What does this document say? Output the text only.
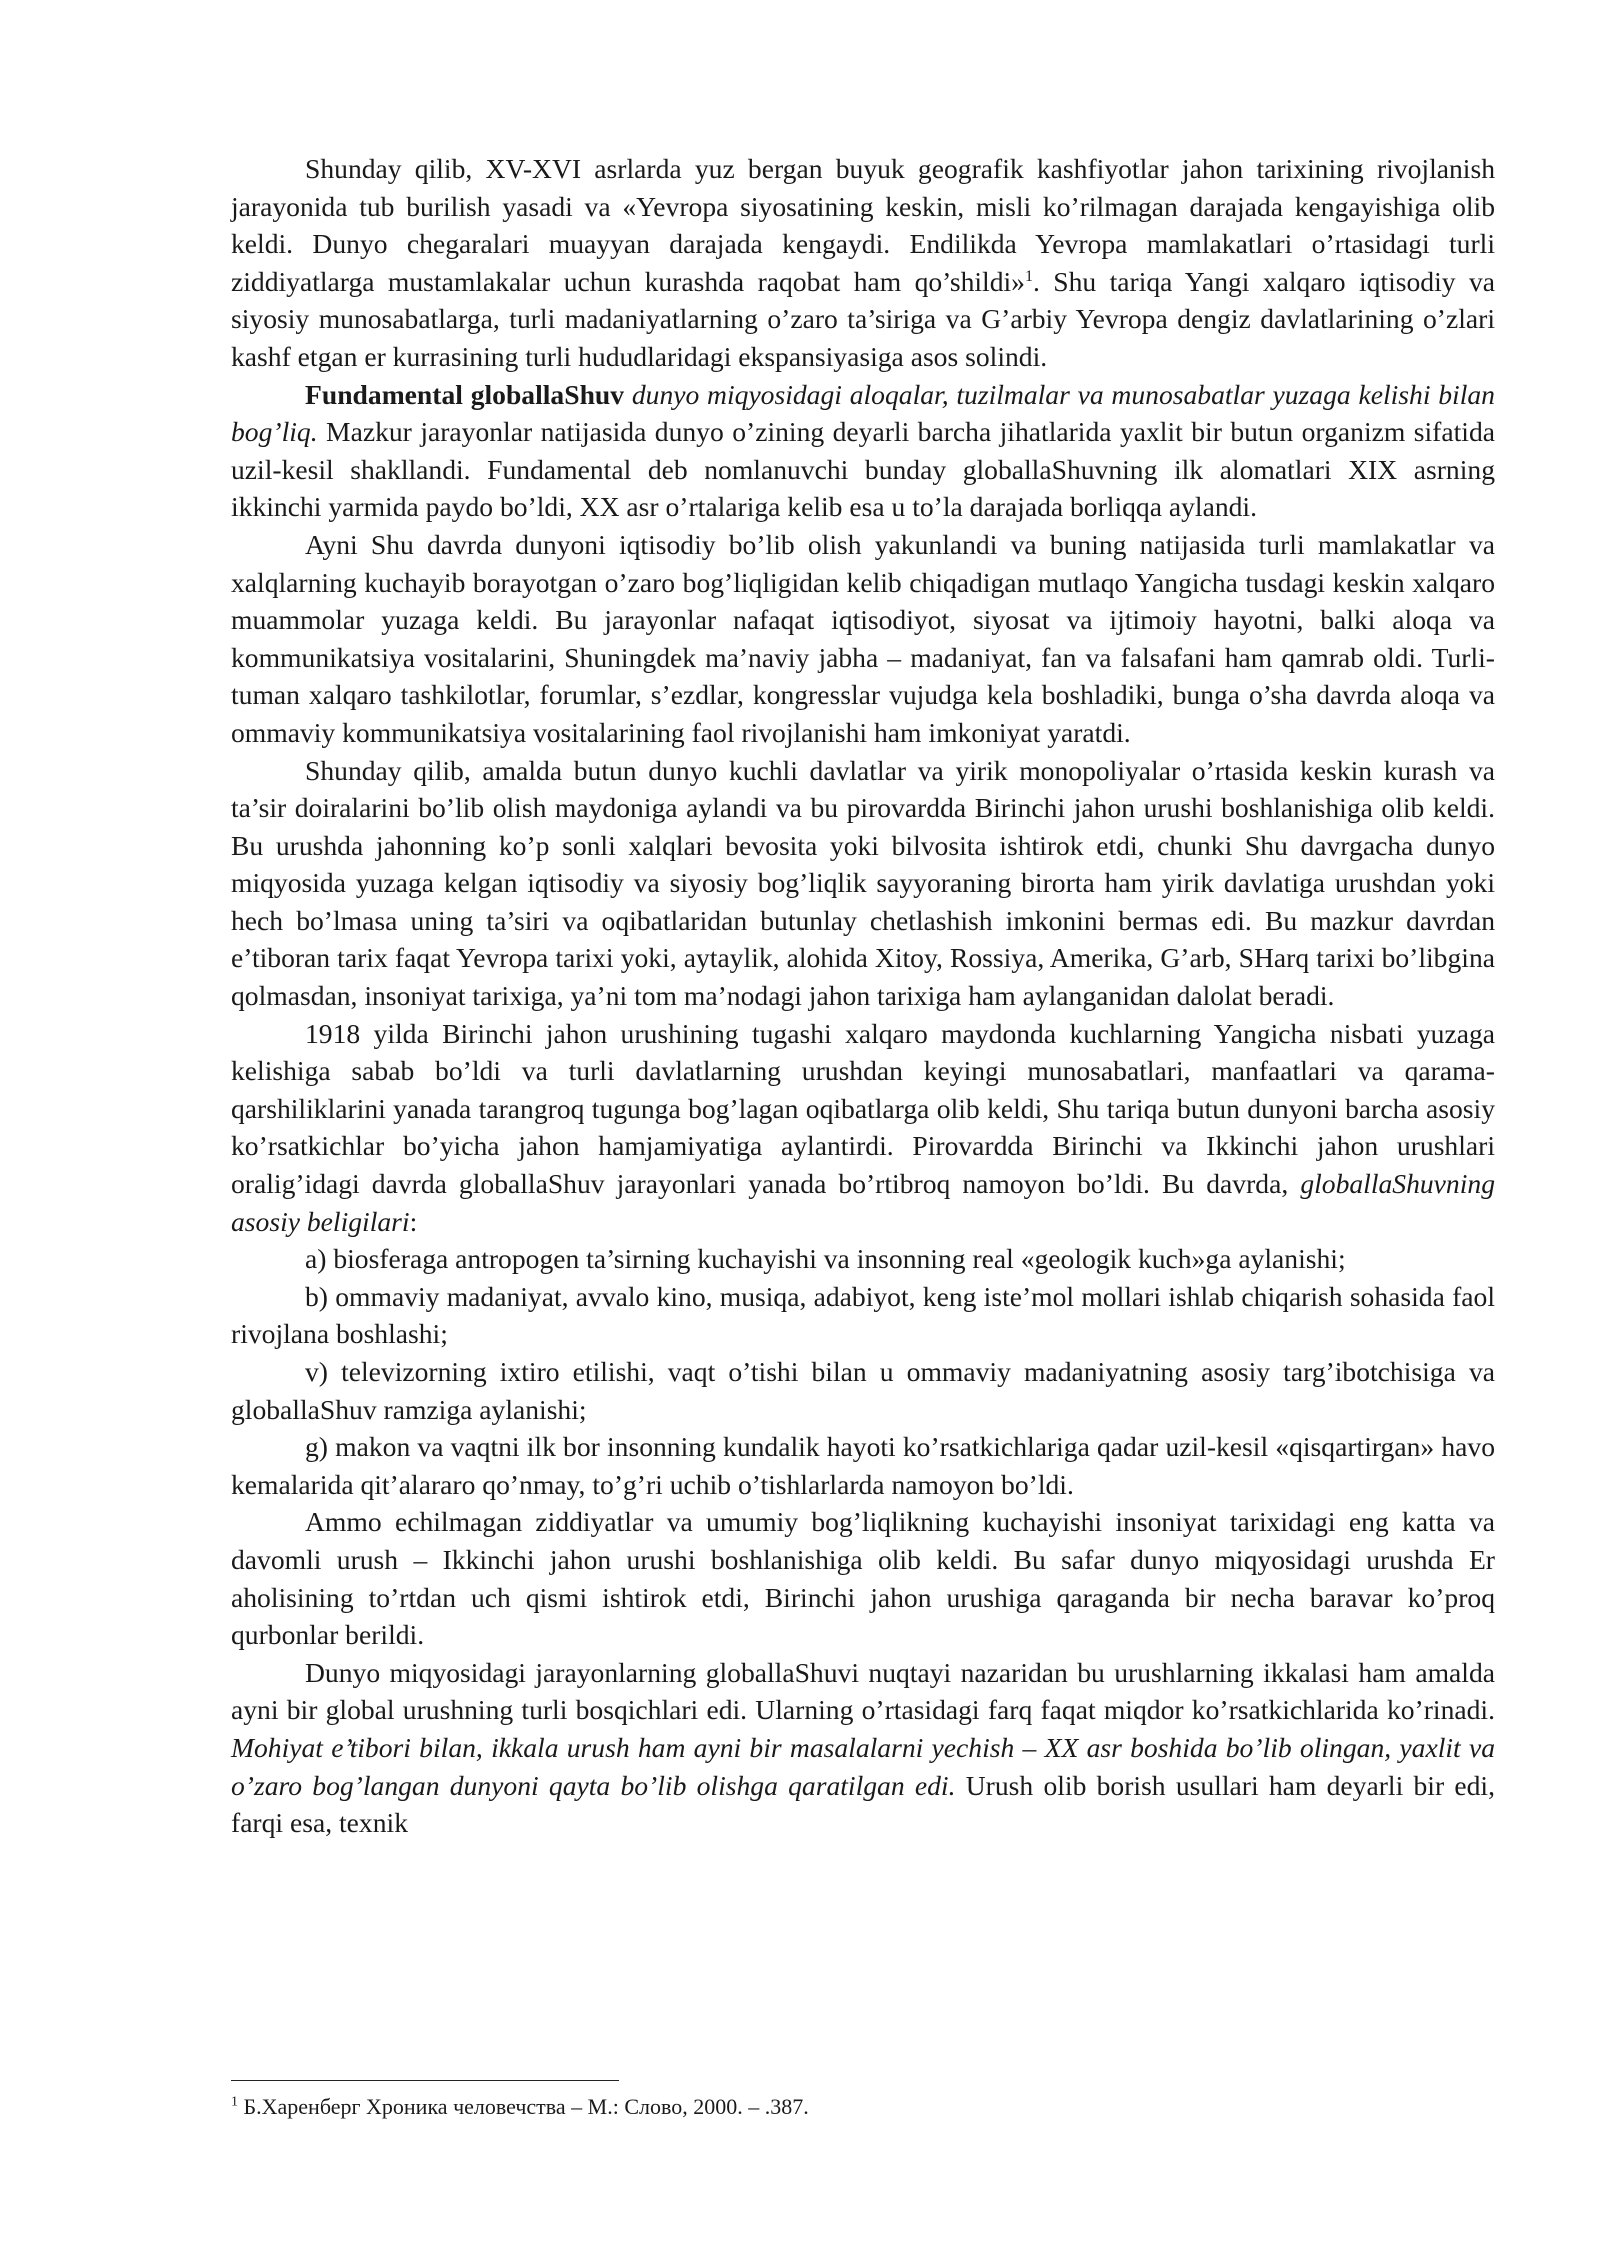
Shunday qilib, XV-XVI asrlarda yuz bergan buyuk geografik kashfiyotlar jahon tarixining rivojlanish jarayonida tub burilish yasadi va «Yevropa siyosatining keskin, misli ko’rilmagan darajada kengayishiga olib keldi. Dunyo chegaralari muayyan darajada kengaydi. Endilikda Yevropa mamlakatlari o’rtasidagi turli ziddiyatlarga mustamlakalar uchun kurashda raqobat ham qo’shildi»$^1$. Shu tariqa Yangi xalqaro iqtisodiy va siyosiy munosabatlarga, turli madaniyatlarning o’zaro ta’siriga va G’arbiy Yevropa dengiz davlatlarining o’zlari kashf etgan er kurrasining turli hududlaridagi ekspansiyasiga asos solindi.

Fundamental globallaShuv dunyo miqyosidagi aloqalar, tuzilmalar va munosabatlar yuzaga kelishi bilan bog’liq. Mazkur jarayonlar natijasida dunyo o’zining deyarli barcha jihatlarida yaxlit bir butun organizm sifatida uzil-kesil shakllandi. Fundamental deb nomlanuvchi bunday globallaShuvning ilk alomatlari XIX asrning ikkinchi yarmida paydo bo’ldi, XX asr o’rtalariga kelib esa u to’la darajada borliqqa aylandi.

Ayni Shu davrda dunyoni iqtisodiy bo’lib olish yakunlandi va buning natijasida turli mamlakatlar va xalqlarning kuchayib borayotgan o’zaro bog’liqligidan kelib chiqadigan mutlaqo Yangicha tusdagi keskin xalqaro muammolar yuzaga keldi. Bu jarayonlar nafaqat iqtisodiyot, siyosat va ijtimoiy hayotni, balki aloqa va kommunikatsiya vositalarini, Shuningdek ma’naviy jabha – madaniyat, fan va falsafani ham qamrab oldi. Turli-tuman xalqaro tashkilotlar, forumlar, s’ezdlar, kongresslar vujudga kela boshladiki, bunga o’sha davrda aloqa va ommaviy kommunikatsiya vositalarining faol rivojlanishi ham imkoniyat yaratdi.

Shunday qilib, amalda butun dunyo kuchli davlatlar va yirik monopoliyalar o’rtasida keskin kurash va ta’sir doiralarini bo’lib olish maydoniga aylandi va bu pirovardda Birinchi jahon urushi boshlanishiga olib keldi. Bu urushda jahonning ko’p sonli xalqlari bevosita yoki bilvosita ishtirok etdi, chunki Shu davrgacha dunyo miqyosida yuzaga kelgan iqtisodiy va siyosiy bog’liqlik sayyoraning birorta ham yirik davlatiga urushdan yoki hech bo’lmasa uning ta’siri va oqibatlaridan butunlay chetlashish imkonini bermas edi. Bu mazkur davrdan e’tiboran tarix faqat Yevropa tarixi yoki, aytaylik, alohida Xitoy, Rossiya, Amerika, G’arb, SHarq tarixi bo’libgina qolmasdan, insoniyat tarixiga, ya’ni tom ma’nodagi jahon tarixiga ham aylanganidan dalolat beradi.

1918 yilda Birinchi jahon urushining tugashi xalqaro maydonda kuchlarning Yangicha nisbati yuzaga kelishiga sabab bo’ldi va turli davlatlarning urushdan keyingi munosabatlari, manfaatlari va qarama-qarshiliklarini yanada tarangroq tugunga bog’lagan oqibatlarga olib keldi, Shu tariqa butun dunyoni barcha asosiy ko’rsatkichlar bo’yicha jahon hamjamiyatiga aylantirdi. Pirovardda Birinchi va Ikkinchi jahon urushlari oralig’idagi davrda globallaShuv jarayonlari yanada bo’rtibroq namoyon bo’ldi. Bu davrda, globallaShuvning asosiy beligilari:

a) biosferaga antropogen ta’sirning kuchayishi va insonning real «geologik kuch»ga aylanishi;

b) ommaviy madaniyat, avvalo kino, musiqa, adabiyot, keng iste’mol mollari ishlab chiqarish sohasida faol rivojlana boshlashi;

v) televizorning ixtiro etilishi, vaqt o’tishi bilan u ommaviy madaniyatning asosiy targ’ibotchisiga va globallaShuv ramziga aylanishi;

g) makon va vaqtni ilk bor insonning kundalik hayoti ko’rsatkichlariga qadar uzil-kesil «qisqartirgan» havo kemalarida qit’alararo qo’nmay, to’g’ri uchib o’tishlarlarda namoyon bo’ldi.

Ammo echilmagan ziddiyatlar va umumiy bog’liqlikning kuchayishi insoniyat tarixidagi eng katta va davomli urush – Ikkinchi jahon urushi boshlanishiga olib keldi. Bu safar dunyo miqyosidagi urushda Er aholisining to’rtdan uch qismi ishtirok etdi, Birinchi jahon urushiga qaraganda bir necha baravar ko’proq qurbonlar berildi.

Dunyo miqyosidagi jarayonlarning globallaShuvi nuqtayi nazaridan bu urushlarning ikkalasi ham amalda ayni bir global urushning turli bosqichlari edi. Ularning o’rtasidagi farq faqat miqdor ko’rsatkichlarida ko’rinadi. Mohiyat e’tibori bilan, ikkala urush ham ayni bir masalalarni yechish – XX asr boshida bo’lib olingan, yaxlit va o’zaro bog’langan dunyoni qayta bo’lib olishga qaratilgan edi. Urush olib borish usullari ham deyarli bir edi, farqi esa, texnik

$^1$ Б.Харенберг Хроника человечства – М.: Слово, 2000. – .387.
